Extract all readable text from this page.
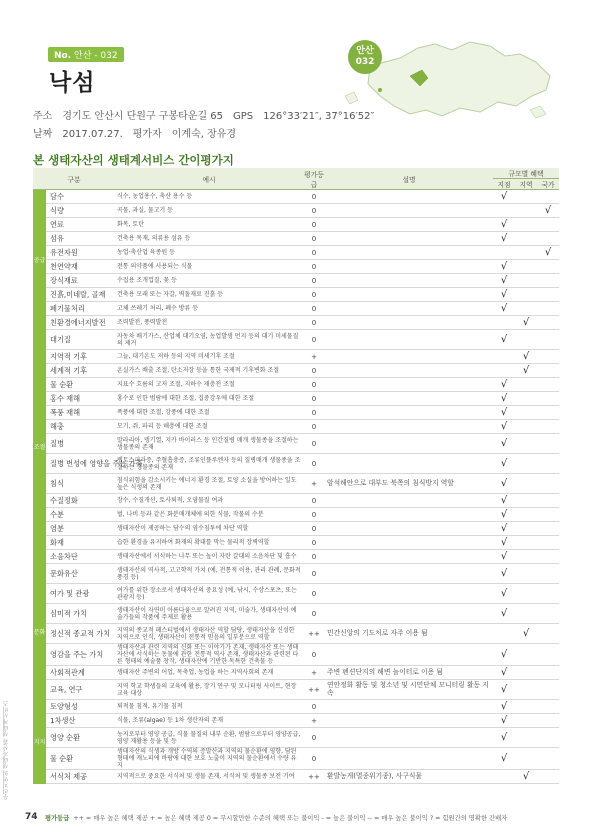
안산
032
No. 안산 - 032
낙섬
주소 경기도 안산시 단원구 구봉타운길 65 GPS 126°33′21″, 37°16′52″
날짜 2017.07.27. 평가자 이계숙, 장유경
본 생태자산의 생태계서비스 간이평가지
구분		예시	평가등급	설명	규모별 혜택		
					지점	지역	국가
공급	담수	식수, 농업용수, 축산 용수 등	0		√		
	식량	곡물, 과실, 물고기 등	0				√
	연료	화목, 토탄	0		√		
	섬유	건축용 목재, 의류용 섬유 등	0		√		
	유전자원	농업·축산업 육종원 등	0				√
	천연약재	전통 의약품에 사용되는 식물	0		√		
	장식재료	수집용 조개껍질, 꽃 등	0		√		
	진흙,미네랄, 골재	건축용 모래 또는 자갈, 벽돌재료 진흙 등	0		√		
	폐기물처리	고체 쓰레기 처리, 폐수 방류 등	0		√		
	친환경에너지발전	조력발전, 풍력발전	0			√	
조절	대기질	자동차 배기가스, 산업체 대기오염, 농업발생 먼지 등의 대기 미세물질의 제거	0		√		
	지역적 기후	그늘, 대기온도 저하 등의 지역 미세기후 조절	+			√	
	세계적 기후	온실가스 배출 조절, 탄소저장 등을 통한 국제적 기후변화 조절	0			√	
	물 순환	지표수 흐름의 고저 조절, 지하수 재충전 조절	0		√		
	홍수 재해	홍수로 인한 범람에 대한 조절, 집중강우에 대한 조절	0		√		
	폭풍 재해	폭풍에 대한 조절, 강풍에 대한 조절	0		√		
	해충	모기, 쥐, 파리 등 해충에 대한 조절	0		√		
	질병	말라리아, 뎅기열, 지카 바이러스 등 인간질병 매개 생물종을 조절하는 생물종의 존재	0		√		
	질병 번성에 영향을 주는 가축	렙토스피라증, 주혈흡충증, 조류인플루엔자 등의 질병매개 생물종을 조절하는 생물종의 존재	0		√		
	침식	침식위험을 감소시키는 에너지 환경 조절, 토양 소실을 방어하는 일도 높은 식생의 존재	+	암석해안으로 대부도 북쪽의 침식방지 역할	√		
	수질정화	장수, 수질개선, 토사퇴적, 오염물질 여과	0		√		
	수분	벌, 나비 등과 같은 화분매개체에 의한 식물, 작물의 수분	0		√		
	염분	생태자산이 제공하는 담수의 염수침투에 차단 역할	0		√		
	화재	습한 환경을 유지하여 화재의 확대를 막는 물리적 장벽역할	0		√		
	소음차단	생태자산에서 서식하는 나무 또는 높이 자란 갈대의 소음차단 및 흡수	0		√		
문화	문화유산	생태자산의 역사적, 고고학적 가치 (예, 전통적 이용, 관리 관례, 문화적 풍경 등)	0		√		
	여가 및 관광	여가를 위한 장소로서 생태자산의 중요성 (예, 낚시, 수상스포츠, 또는 관광지 등)	0		√		
	심미적 가치	생태자산이 자연미 아름다움으로 알려진 지역, 미술가, 생태자산이 예술가들의 작품에 주제로 활용	0		√		
	정신적 종교적 가치	지역의 종교적 페스티벌에서 생태자산 역할 담당, 생태자산을 신성한 지역으로 인식, 생태자산이 전통적 믿음의 일부분으로 역할	++	민간신앙의 기도처로 자주 이용 됨		√	
	영감을 주는 가치	생태자산과 관련 지역의 신화 또는 이야기가 존재, 생태자산 또는 생태자산에 서식하는 동물에 관한 전통적 역사 존재, 생태자산과 관련된 다른 형태의 예술품 창작, 생태자산에 기반한 독특한 건축물 등	0		√		
	사회적관계	생태자산 주변의 어업, 목축업, 농업을 하는 지역사회의 존재	+	주변 펜션단지의 해변 놀이터로 이용 됨	√		
	교육, 연구	지역 학교 학생들의 교육에 활용, 장기 연구 및 모니터링 사이트, 현장교육 대상	++	연안정화 활동 및 청소년 및 시민단체 모니터링 활동 지속	√		
지지	토양형성	퇴적물 침적, 유기물 침적	0		√		
	1차생산	식물, 조류(algae) 등 1차 생산자의 존재	+		√		
	영양 순환	농지로부터 영양 공급, 식물 물질의 내부 순환, 범람으로부터 영양공급, 영양 재활용 등을 및 등	0		√		
	물 순환	생태자산의 식생과 개방 수역의 증발산과 지역의 물순환에 영향, 담된 형태에 캐노피에 바람에 대한 보호 노출이 지역의 물순환에서 수량 유지	0		√		
	서식처 제공	지역적으로 중요한 서식처 및 생물 존재, 서식처 및 생물종 보전 기여	++	환발농게(멸종위기종), 사구식물		√	
우리지역의 생태자산과 생태계서비스
74 평가등급 ++ = 매우 높은 혜택 제공 + = 높은 혜택 제공 0 = 무시할만한 수준의 혜택 또는 불이익 - = 높은 불이익 -- = 매우 높은 불이익 ? = 힘원간의 명확한 간배자
